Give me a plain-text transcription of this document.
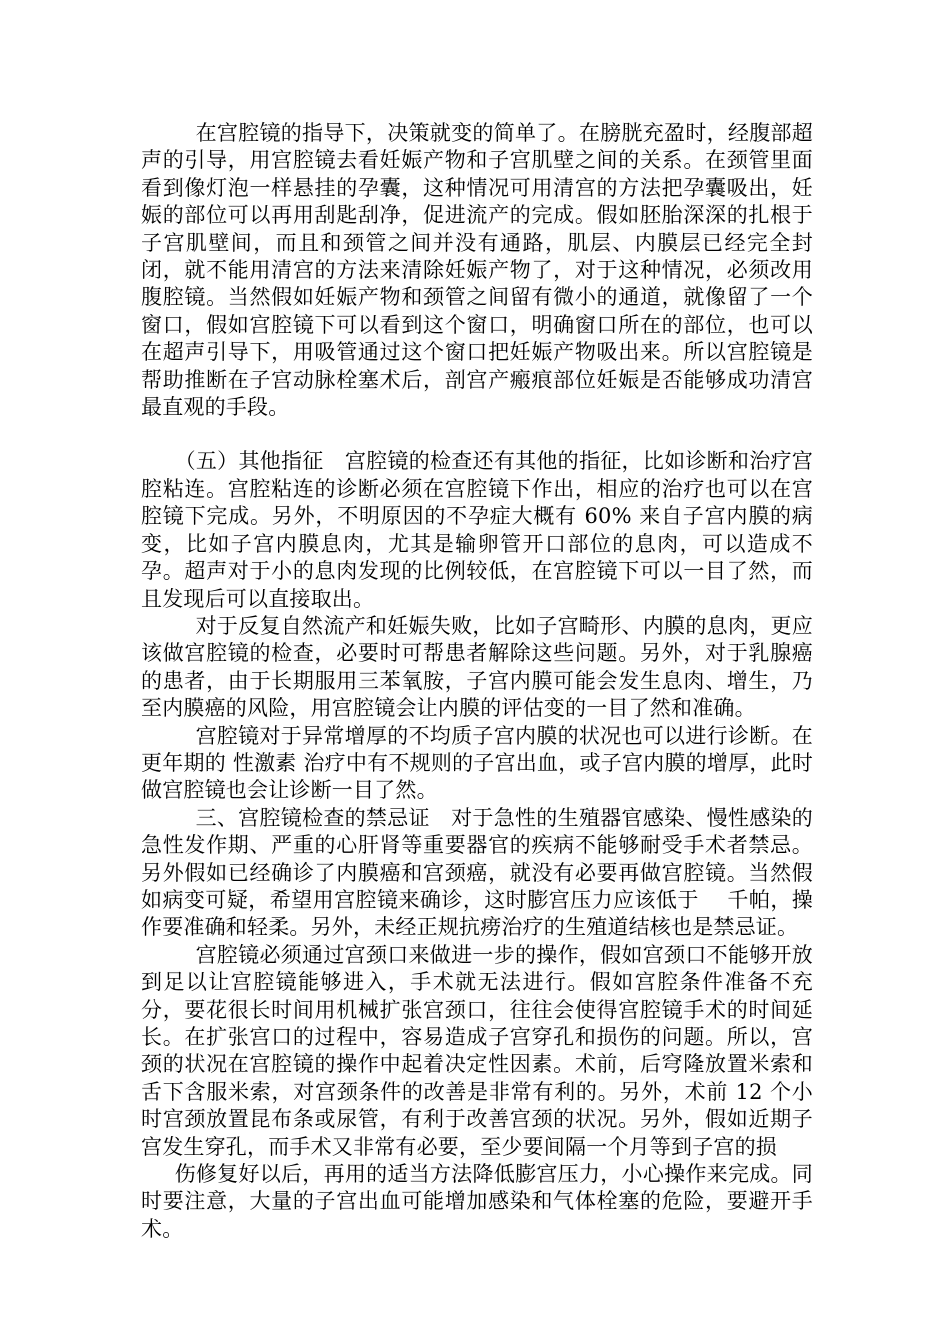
在宫腔镜的指导下，决策就变的简单了。在膀胱充盈时，经腹部超声的引导，用宫腔镜去看妊娠产物和子宫肌壁之间的关系。在颈管里面看到像灯泡一样悬挂的孕囊，这种情况可用清宫的方法把孕囊吸出，妊娠的部位可以再用刮匙刮净，促进流产的完成。假如胚胎深深的扎根于子宫肌壁间，而且和颈管之间并没有通路，肌层、内膜层已经完全封闭，就不能用清宫的方法来清除妊娠产物了，对于这种情况，必须改用腹腔镜。当然假如妊娠产物和颈管之间留有微小的通道，就像留了一个窗口，假如宫腔镜下可以看到这个窗口，明确窗口所在的部位，也可以在超声引导下，用吸管通过这个窗口把妊娠产物吸出来。所以宫腔镜是帮助推断在子宫动脉栓塞术后，剖宫产瘢痕部位妊娠是否能够成功清宫最直观的手段。

（五）其他指征　宫腔镜的检查还有其他的指征，比如诊断和治疗宫腔粘连。宫腔粘连的诊断必须在宫腔镜下作出，相应的治疗也可以在宫腔镜下完成。另外，不明原因的不孕症大概有 60% 来自子宫内膜的病变，比如子宫内膜息肉，尤其是输卵管开口部位的息肉，可以造成不孕。超声对于小的息肉发现的比例较低，在宫腔镜下可以一目了然，而且发现后可以直接取出。

对于反复自然流产和妊娠失败，比如子宫畸形、内膜的息肉，更应该做宫腔镜的检查，必要时可帮患者解除这些问题。另外，对于乳腺癌的患者，由于长期服用三苯氧胺，子宫内膜可能会发生息肉、增生，乃至内膜癌的风险，用宫腔镜会让内膜的评估变的一目了然和准确。

宫腔镜对于异常增厚的不均质子宫内膜的状况也可以进行诊断。在更年期的 性激素 治疗中有不规则的子宫出血，或子宫内膜的增厚，此时做宫腔镜也会让诊断一目了然。

三、宫腔镜检查的禁忌证　对于急性的生殖器官感染、慢性感染的急性发作期、严重的心肝肾等重要器官的疾病不能够耐受手术者禁忌。另外假如已经确诊了内膜癌和宫颈癌，就没有必要再做宫腔镜。当然假如病变可疑，希望用宫腔镜来确诊，这时膨宫压力应该低于　 千帕，操作要准确和轻柔。另外，未经正规抗痨治疗的生殖道结核也是禁忌证。

宫腔镜必须通过宫颈口来做进一步的操作，假如宫颈口不能够开放到足以让宫腔镜能够进入，手术就无法进行。假如宫腔条件准备不充分，要花很长时间用机械扩张宫颈口，往往会使得宫腔镜手术的时间延长。在扩张宫口的过程中，容易造成子宫穿孔和损伤的问题。所以，宫颈的状况在宫腔镜的操作中起着决定性因素。术前，后穹隆放置米索和舌下含服米索，对宫颈条件的改善是非常有利的。另外，术前 12 个小时宫颈放置昆布条或尿管，有利于改善宫颈的状况。另外，假如近期子宫发生穿孔，而手术又非常有必要，至少要间隔一个月等到子宫的损

伤修复好以后，再用的适当方法降低膨宫压力，小心操作来完成。同时要注意，大量的子宫出血可能增加感染和气体栓塞的危险，要避开手术。
